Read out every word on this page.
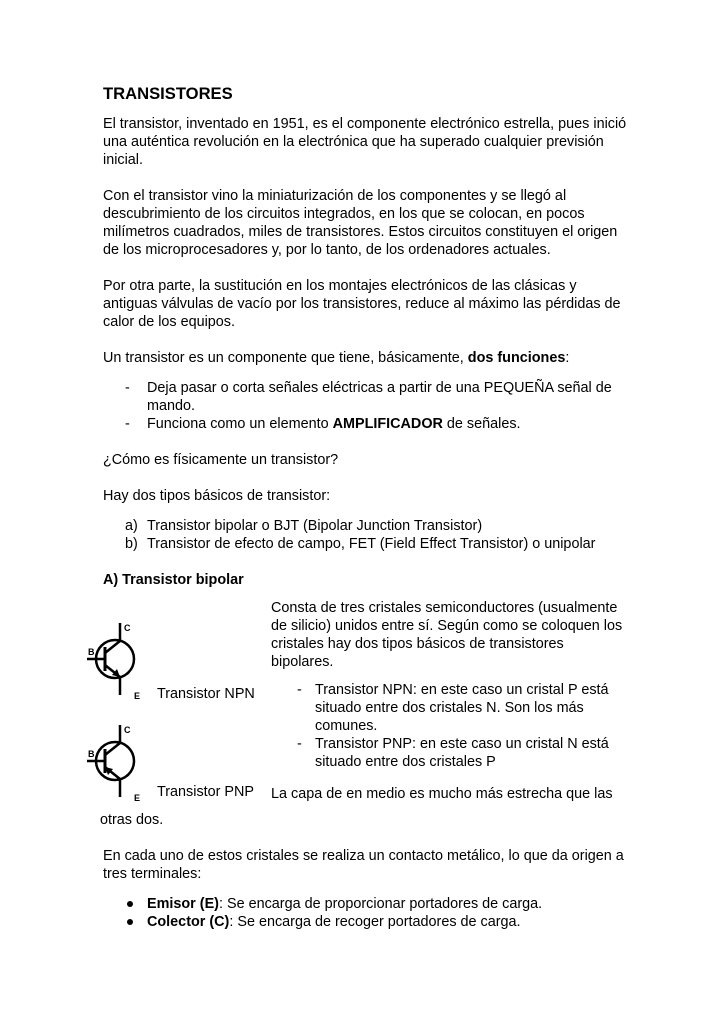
TRANSISTORES

El transistor, inventado en 1951, es el componente electrónico estrella, pues inició una auténtica revolución en la electrónica que ha superado cualquier previsión inicial.

Con el transistor vino la miniaturización de los componentes y se llegó al descubrimiento de los circuitos integrados, en los que se colocan, en pocos milímetros cuadrados, miles de transistores. Estos circuitos constituyen el origen de los microprocesadores y, por lo tanto, de los ordenadores actuales.

Por otra parte, la sustitución en los montajes electrónicos de las clásicas y antiguas válvulas de vacío por los transistores, reduce al máximo las pérdidas de calor de los equipos.

Un transistor es un componente que tiene, básicamente, dos funciones:

- Deja pasar o corta señales eléctricas a partir de una PEQUEÑA señal de mando.
- Funciona como un elemento AMPLIFICADOR de señales.

¿Cómo es físicamente un transistor?

Hay dos tipos básicos de transistor:

a) Transistor bipolar o BJT (Bipolar Junction Transistor)
b) Transistor de efecto de campo, FET (Field Effect Transistor) o unipolar
A) Transistor bipolar
B
C
E Transistor NPN
B
C
E Transistor PNP

Consta de tres cristales semiconductores (usualmente de silicio) unidos entre sí. Según como se coloquen los cristales hay dos tipos básicos de transistores bipolares.

- Transistor NPN: en este caso un cristal P está situado entre dos cristales N. Son los más comunes.
- Transistor PNP: en este caso un cristal N está situado entre dos cristales P
La capa de en medio es mucho más estrecha que las

otras dos.

En cada uno de estos cristales se realiza un contacto metálico, lo que da origen a tres terminales:

Emisor (E): Se encarga de proporcionar portadores de carga.
Colector (C): Se encarga de recoger portadores de carga.
